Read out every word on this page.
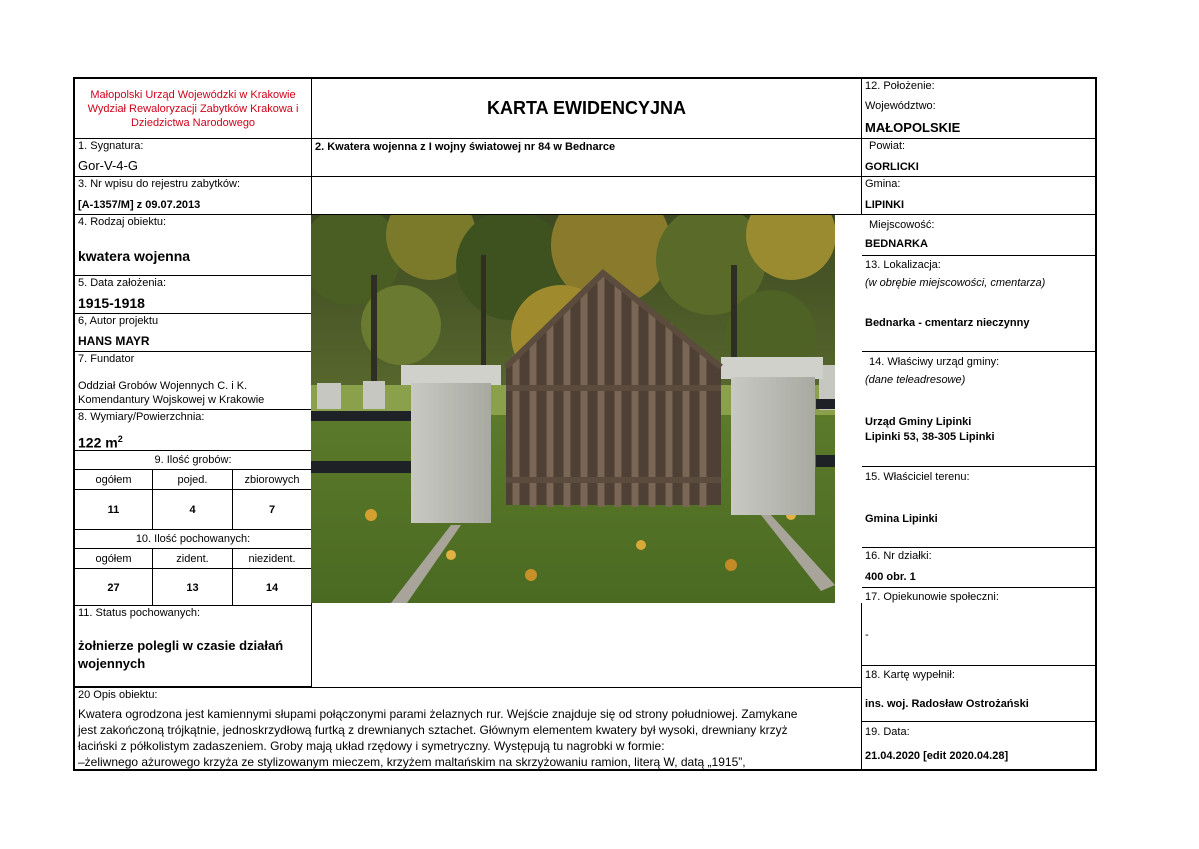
Małopolski Urząd Wojewódzki w Krakowie
Wydział Rewaloryzacji Zabytków Krakowa i
Dziedzictwa Narodowego
KARTA EWIDENCYJNA
1. Sygnatura:
Gor-V-4-G
3. Nr wpisu do rejestru zabytków:
[A-1357/M] z 09.07.2013
4. Rodzaj obiektu:
kwatera wojenna
5. Data założenia:
1915-1918
6, Autor projektu
HANS MAYR
7. Fundator
Oddział Grobów Wojennych C. i K.
Komendantury Wojskowej w Krakowie
8. Wymiary/Powierzchnia:
122 $m^2$
9. Ilość grobów:
ogółem	pojed.	zbiorowych
11	4	7
10. Ilość pochowanych:
ogółem	zident.	niezident.
27	13	14
11. Status pochowanych:
żołnierze polegli w czasie działań
wojennych
2. Kwatera wojenna z I wojny światowej nr 84 w Bednarce
12. Położenie:
Województwo:
MAŁOPOLSKIE
Powiat:
GORLICKI
Gmina:
LIPINKI
Miejscowość:
BEDNARKA
13. Lokalizacja:
(w obrębie miejscowości, cmentarza)
Bednarka - cmentarz nieczynny
14. Właściwy urząd gminy:
(dane teleadresowe)
Urząd Gminy Lipinki
Lipinki 53, 38-305 Lipinki
15. Właściciel terenu:
Gmina Lipinki
16. Nr działki:
400 obr. 1
17. Opiekunowie społeczni:
-
18. Kartę wypełnił:
ins. woj. Radosław Ostrożański
19. Data:
21.04.2020 [edit 2020.04.28]
20 Opis obiektu:
Kwatera ogrodzona jest kamiennymi słupami połączonymi parami żelaznych rur. Wejście znajduje się od strony południowej. Zamykane
jest zakończoną trójkątnie, jednoskrzydłową furtką z drewnianych sztachet. Głównym elementem kwatery był wysoki, drewniany krzyż
łaciński z półkolistym zadaszeniem. Groby mają układ rzędowy i symetryczny. Występują tu nagrobki w formie:
–żeliwnego ażurowego krzyża ze stylizowanym mieczem, krzyżem maltańskim na skrzyżowaniu ramion, literą W, datą „1915”,
